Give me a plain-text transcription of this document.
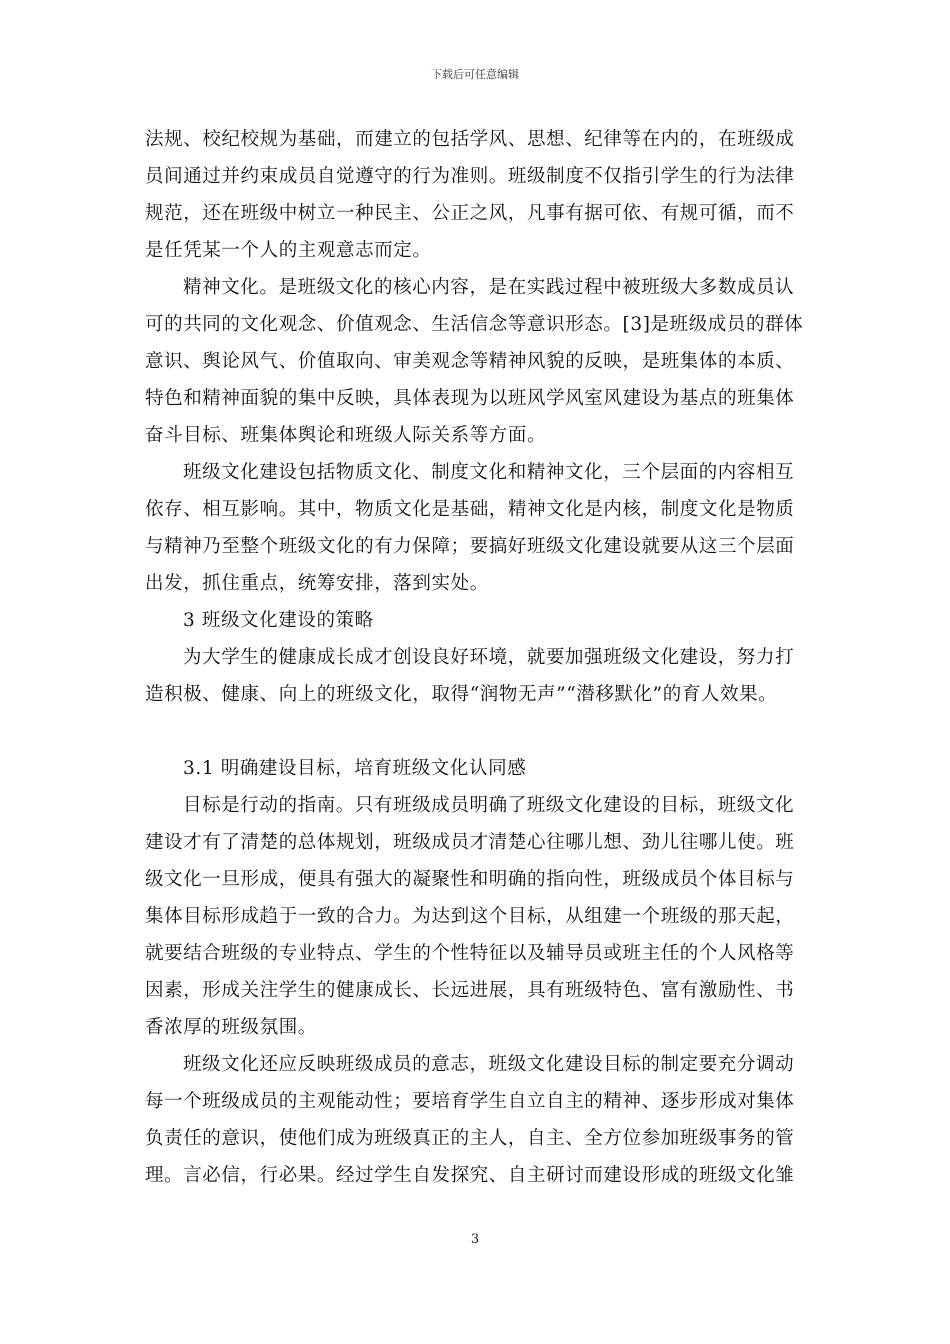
下载后可任意编辑
法规、校纪校规为基础，而建立的包括学风、思想、纪律等在内的，在班级成
员间通过并约束成员自觉遵守的行为准则。班级制度不仅指引学生的行为法律
规范，还在班级中树立一种民主、公正之风，凡事有据可依、有规可循，而不
是任凭某一个人的主观意志而定。
精神文化。是班级文化的核心内容，是在实践过程中被班级大多数成员认
可的共同的文化观念、价值观念、生活信念等意识形态。[3]是班级成员的群体
意识、舆论风气、价值取向、审美观念等精神风貌的反映，是班集体的本质、
特色和精神面貌的集中反映，具体表现为以班风学风室风建设为基点的班集体
奋斗目标、班集体舆论和班级人际关系等方面。
班级文化建设包括物质文化、制度文化和精神文化，三个层面的内容相互
依存、相互影响。其中，物质文化是基础，精神文化是内核，制度文化是物质
与精神乃至整个班级文化的有力保障；要搞好班级文化建设就要从这三个层面
出发，抓住重点，统筹安排，落到实处。
3 班级文化建设的策略
为大学生的健康成长成才创设良好环境，就要加强班级文化建设，努力打
造积极、健康、向上的班级文化，取得“润物无声”“潜移默化”的育人效果。
3.1 明确建设目标，培育班级文化认同感
目标是行动的指南。只有班级成员明确了班级文化建设的目标，班级文化
建设才有了清楚的总体规划，班级成员才清楚心往哪儿想、劲儿往哪儿使。班
级文化一旦形成，便具有强大的凝聚性和明确的指向性，班级成员个体目标与
集体目标形成趋于一致的合力。为达到这个目标，从组建一个班级的那天起，
就要结合班级的专业特点、学生的个性特征以及辅导员或班主任的个人风格等
因素，形成关注学生的健康成长、长远进展，具有班级特色、富有激励性、书
香浓厚的班级氛围。
班级文化还应反映班级成员的意志，班级文化建设目标的制定要充分调动
每一个班级成员的主观能动性；要培育学生自立自主的精神、逐步形成对集体
负责任的意识，使他们成为班级真正的主人，自主、全方位参加班级事务的管
理。言必信，行必果。经过学生自发探究、自主研讨而建设形成的班级文化雏
3
